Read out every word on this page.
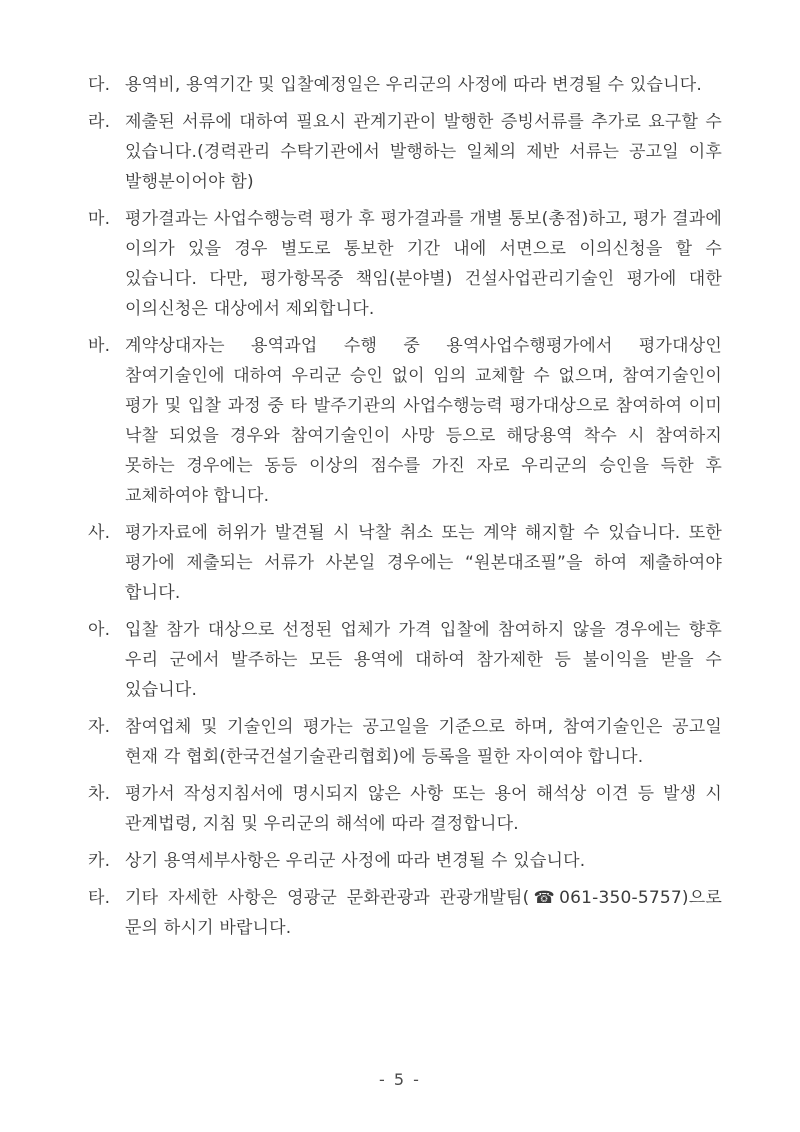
다. 용역비, 용역기간 및 입찰예정일은 우리군의 사정에 따라 변경될 수 있습니다.
라. 제출된 서류에 대하여 필요시 관계기관이 발행한 증빙서류를 추가로 요구할 수 있습니다.(경력관리 수탁기관에서 발행하는 일체의 제반 서류는 공고일 이후 발행분이어야 함)
마. 평가결과는 사업수행능력 평가 후 평가결과를 개별 통보(총점)하고, 평가 결과에 이의가 있을 경우 별도로 통보한 기간 내에 서면으로 이의신청을 할 수 있습니다. 다만, 평가항목중 책임(분야별) 건설사업관리기술인 평가에 대한 이의신청은 대상에서 제외합니다.
바. 계약상대자는 용역과업 수행 중 용역사업수행평가에서 평가대상인 참여기술인에 대하여 우리군 승인 없이 임의 교체할 수 없으며, 참여기술인이 평가 및 입찰 과정 중 타 발주기관의 사업수행능력 평가대상으로 참여하여 이미 낙찰 되었을 경우와 참여기술인이 사망 등으로 해당용역 착수 시 참여하지 못하는 경우에는 동등 이상의 점수를 가진 자로 우리군의 승인을 득한 후 교체하여야 합니다.
사. 평가자료에 허위가 발견될 시 낙찰 취소 또는 계약 해지할 수 있습니다. 또한 평가에 제출되는 서류가 사본일 경우에는 “원본대조필”을 하여 제출하여야 합니다.
아. 입찰 참가 대상으로 선정된 업체가 가격 입찰에 참여하지 않을 경우에는 향후 우리 군에서 발주하는 모든 용역에 대하여 참가제한 등 불이익을 받을 수 있습니다.
자. 참여업체 및 기술인의 평가는 공고일을 기준으로 하며, 참여기술인은 공고일 현재 각 협회(한국건설기술관리협회)에 등록을 필한 자이여야 합니다.
차. 평가서 작성지침서에 명시되지 않은 사항 또는 용어 해석상 이견 등 발생 시 관계법령, 지침 및 우리군의 해석에 따라 결정합니다.
카. 상기 용역세부사항은 우리군 사정에 따라 변경될 수 있습니다.
타. 기타 자세한 사항은 영광군 문화관광과 관광개발팀(☎061-350-5757)으로 문의 하시기 바랍니다.
- 5 -
